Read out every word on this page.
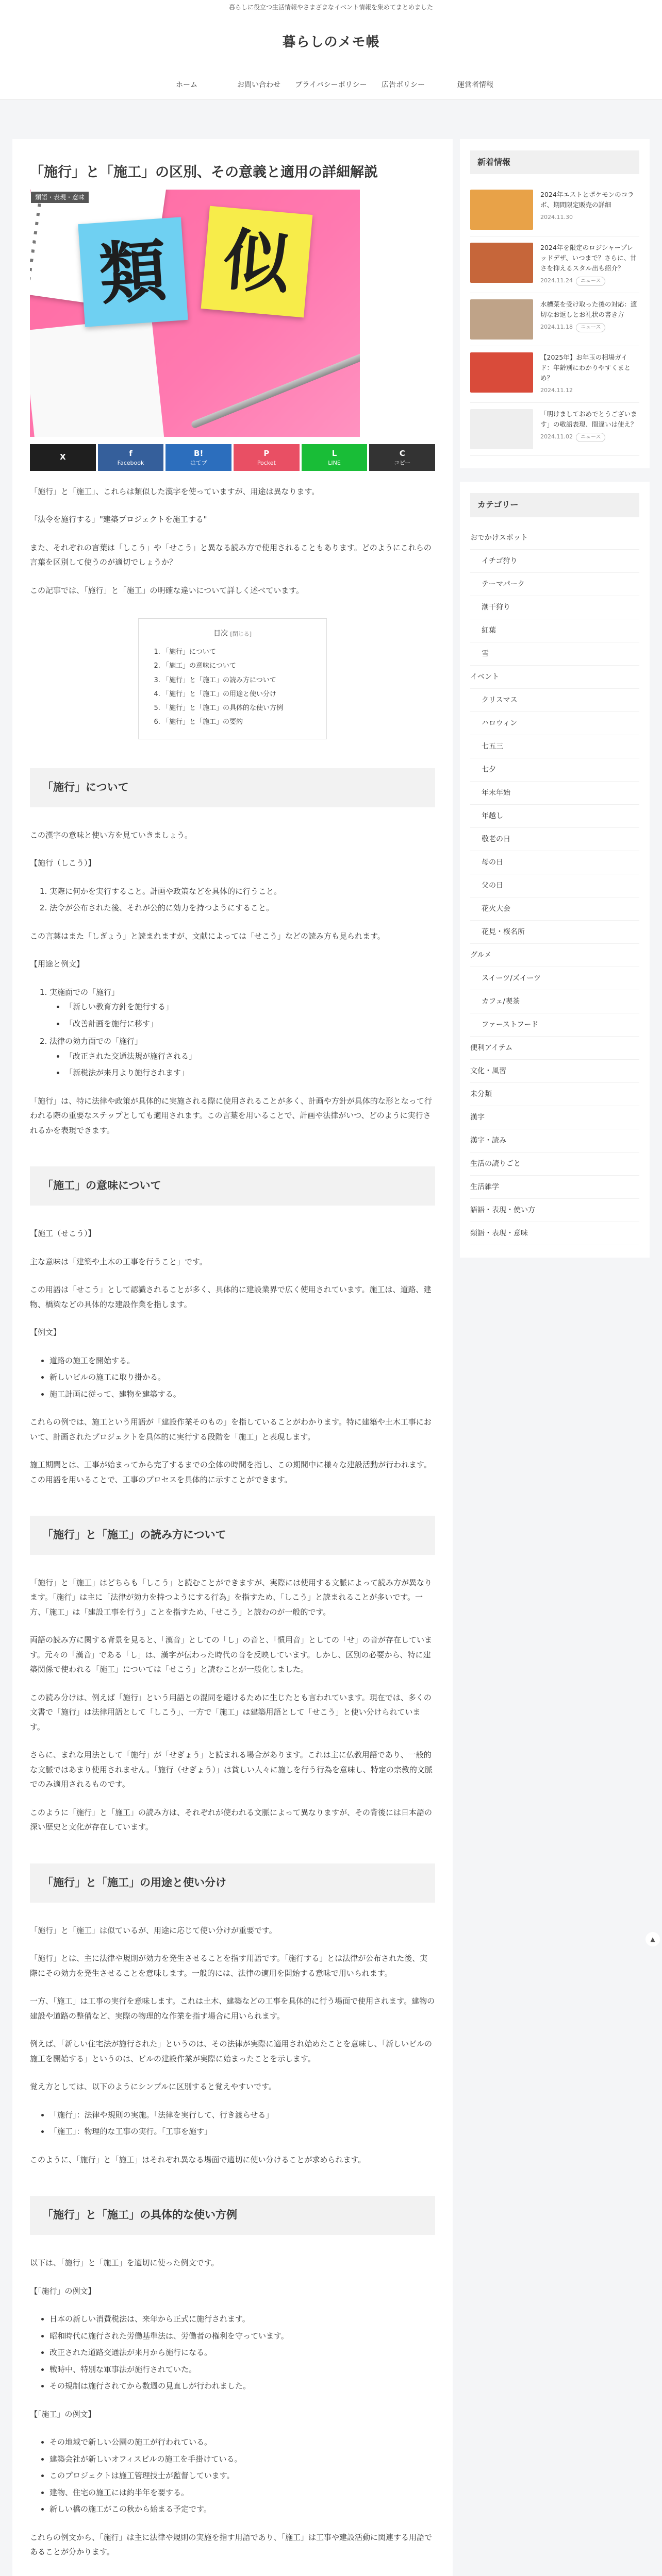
暮らしに役立つ生活情報やさまざまなイベント情報を集めてまとめました
暮らしのメモ帳
ホーム	お問い合わせ	プライバシーポリシー	広告ポリシー	運営者情報
「施行」と「施工」の区別、その意義と適用の詳細解説
類 似
類語・表現・意味
X	f
Facebook
B!
はてブ
P
Pocket
L
LINE
C
コピー

「施行」と「施工」、これらは類似した漢字を使っていますが、用途は異なります。

「法令を施行する」"建築プロジェクトを施工する"

また、それぞれの言葉は「しこう」や「せこう」と異なる読み方で使用されることもあります。どのようにこれらの言葉を区別して使うのが適切でしょうか？

この記事では、「施行」と「施工」の明確な違いについて詳しく述べています。

目次 [閉じる]
1. 「施行」について
2. 「施工」の意味について
3. 「施行」と「施工」の読み方について
4. 「施行」と「施工」の用途と使い分け
5. 「施行」と「施工」の具体的な使い方例
6. 「施行」と「施工」の要約
「施行」について

この漢字の意味と使い方を見ていきましょう。

【施行（しこう）】

1. 実際に何かを実行すること。計画や政策などを具体的に行うこと。
2. 法令が公布された後、それが公的に効力を持つようにすること。

この言葉はまた「しぎょう」と読まれますが、文献によっては「せこう」などの読み方も見られます。

【用途と例文】

1. 実施面での「施行」
• 「新しい教育方針を施行する」
• 「改善計画を施行に移す」
2. 法律の効力面での「施行」
• 「改正された交通法規が施行される」
• 「新税法が来月より施行されます」

「施行」は、特に法律や政策が具体的に実施される際に使用されることが多く、計画や方針が具体的な形となって行われる際の重要なステップとしても適用されます。この言葉を用いることで、計画や法律がいつ、どのように実行されるかを表現できます。

「施工」の意味について

【施工（せこう）】

主な意味は「建築や土木の工事を行うこと」です。

この用語は「せこう」として認識されることが多く、具体的に建設業界で広く使用されています。施工は、道路、建物、橋梁などの具体的な建設作業を指します。

【例文】

• 道路の施工を開始する。
• 新しいビルの施工に取り掛かる。
• 施工計画に従って、建物を建築する。

これらの例では、施工という用語が「建設作業そのもの」を指していることがわかります。特に建築や土木工事において、計画されたプロジェクトを具体的に実行する段階を「施工」と表現します。

施工期間とは、工事が始まってから完了するまでの全体の時間を指し、この期間中に様々な建設活動が行われます。この用語を用いることで、工事のプロセスを具体的に示すことができます。

「施行」と「施工」の読み方について

「施行」と「施工」はどちらも「しこう」と読むことができますが、実際には使用する文脈によって読み方が異なります。「施行」は主に「法律が効力を持つようにする行為」を指すため、「しこう」と読まれることが多いです。一方、「施工」は「建設工事を行う」ことを指すため、「せこう」と読むのが一般的です。

両語の読み方に関する背景を見ると、「漢音」としての「し」の音と、「慣用音」としての「せ」の音が存在しています。元々の「漢音」である「し」は、漢字が伝わった時代の音を反映しています。しかし、区別の必要から、特に建築関係で使われる「施工」については「せこう」と読むことが一般化しました。

この読み分けは、例えば「施行」という用語との混同を避けるために生じたとも言われています。現在では、多くの文書で「施行」は法律用語として「しこう」、一方で「施工」は建築用語として「せこう」と使い分けられています。

さらに、まれな用法として「施行」が「せぎょう」と読まれる場合があります。これは主に仏教用語であり、一般的な文脈ではあまり使用されません。「施行（せぎょう）」は貧しい人々に施しを行う行為を意味し、特定の宗教的文脈でのみ適用されるものです。

このように「施行」と「施工」の読み方は、それぞれが使われる文脈によって異なりますが、その背後には日本語の深い歴史と文化が存在しています。

「施行」と「施工」の用途と使い分け

「施行」と「施工」は似ているが、用途に応じて使い分けが重要です。

「施行」とは、主に法律や規則が効力を発生させることを指す用語です。「施行する」とは法律が公布された後、実際にその効力を発生させることを意味します。一般的には、法律の適用を開始する意味で用いられます。

一方、「施工」は工事の実行を意味します。これは土木、建築などの工事を具体的に行う場面で使用されます。建物の建設や道路の整備など、実際の物理的な作業を指す場合に用いられます。

例えば、「新しい住宅法が施行された」というのは、その法律が実際に適用され始めたことを意味し、「新しいビルの施工を開始する」というのは、ビルの建設作業が実際に始まったことを示します。

覚え方としては、以下のようにシンプルに区別すると覚えやすいです。

• 「施行」：法律や規則の実施。「法律を実行して、行き渡らせる」
• 「施工」：物理的な工事の実行。「工事を施す」

このように、「施行」と「施工」はそれぞれ異なる場面で適切に使い分けることが求められます。

「施行」と「施工」の具体的な使い方例

以下は、「施行」と「施工」を適切に使った例文です。

【「施行」の例文】

• 日本の新しい消費税法は、来年から正式に施行されます。
• 昭和時代に施行された労働基準法は、労働者の権利を守っています。
• 改正された道路交通法が来月から施行になる。
• 戦時中、特別な軍事法が施行されていた。
• その規制は施行されてから数週の見直しが行われました。

【「施工」の例文】

• その地域で新しい公園の施工が行われている。
• 建築会社が新しいオフィスビルの施工を手掛けている。
• このプロジェクトは施工管理技士が監督しています。
• 建物、住宅の施工には約半年を要する。
• 新しい橋の施工がこの秋から始まる予定です。

これらの例文から、「施行」は主に法律や規則の実施を指す用語であり、「施工」は工事や建設活動に関連する用語であることが分かります。

新着情報
2024年エストとポケモンのコラボ、期間限定販売の詳細
2024.11.30
2024年を限定のロジシャープレッドデザ、いつまで？さらに、甘さを抑えるスタル出も紹介？
2024.11.24	ニュース
水槽菜を受け取った後の対応：適切なお返しとお礼状の書き方
2024.11.18	ニュース
【2025年】お年玉の相場ガイド：年齢別にわかりやすくまとめ？
2024.11.12
「明けましておめでとうございます」の敬語表現、間違いは使え？
2024.11.02	ニュース
カテゴリー
おでかけスポット
イチゴ狩り
テーマパーク
潮干狩り
紅葉
雪
イベント
クリスマス
ハロウィン
七五三
七夕
年末年始
年越し
敬老の日
母の日
父の日
花火大会
花見・桜名所
グルメ
スイーツ/ズイーツ
カフェ/喫茶
ファーストフード
便利アイテム
文化・風習
未分類
漢字
漢字・読み
生活の読りごと
生活雑学
語語・表現・使い方
類語・表現・意味
▲
